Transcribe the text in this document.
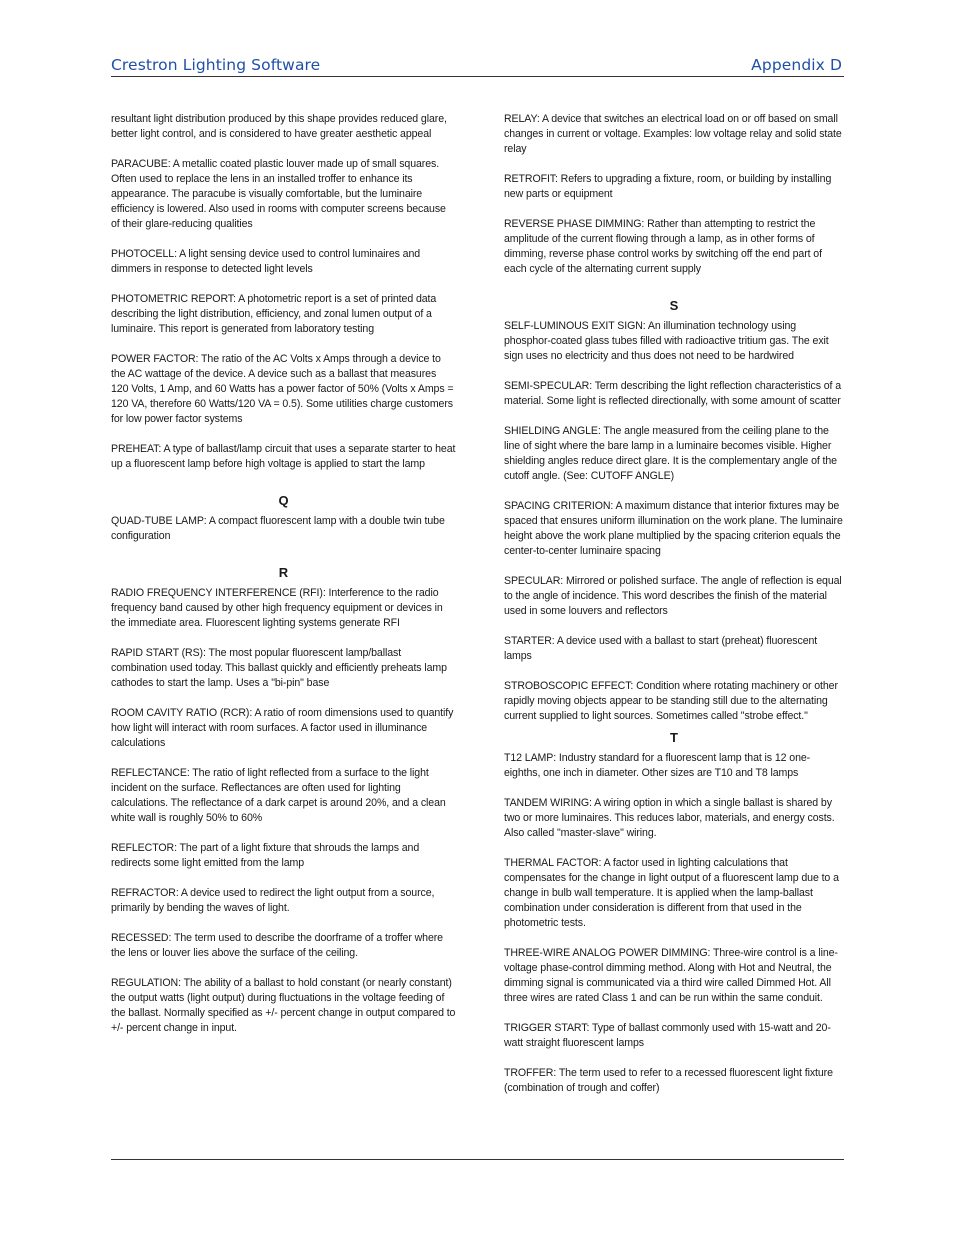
Crestron Lighting Software	Appendix D

resultant light distribution produced by this shape provides reduced glare, better light control, and is considered to have greater aesthetic appeal

PARACUBE: A metallic coated plastic louver made up of small squares. Often used to replace the lens in an installed troffer to enhance its appearance. The paracube is visually comfortable, but the luminaire efficiency is lowered. Also used in rooms with computer screens because of their glare-reducing qualities

PHOTOCELL: A light sensing device used to control luminaires and dimmers in response to detected light levels

PHOTOMETRIC REPORT: A photometric report is a set of printed data describing the light distribution, efficiency, and zonal lumen output of a luminaire. This report is generated from laboratory testing

POWER FACTOR: The ratio of the AC Volts x Amps through a device to the AC wattage of the device. A device such as a ballast that measures 120 Volts, 1 Amp, and 60 Watts has a power factor of 50% (Volts x Amps = 120 VA, therefore 60 Watts/120 VA = 0.5). Some utilities charge customers for low power factor systems

PREHEAT: A type of ballast/lamp circuit that uses a separate starter to heat up a fluorescent lamp before high voltage is applied to start the lamp

Q

QUAD-TUBE LAMP: A compact fluorescent lamp with a double twin tube configuration

R

RADIO FREQUENCY INTERFERENCE (RFI): Interference to the radio frequency band caused by other high frequency equipment or devices in the immediate area. Fluorescent lighting systems generate RFI

RAPID START (RS): The most popular fluorescent lamp/ballast combination used today. This ballast quickly and efficiently preheats lamp cathodes to start the lamp. Uses a "bi-pin" base

ROOM CAVITY RATIO (RCR): A ratio of room dimensions used to quantify how light will interact with room surfaces. A factor used in illuminance calculations

REFLECTANCE: The ratio of light reflected from a surface to the light incident on the surface. Reflectances are often used for lighting calculations. The reflectance of a dark carpet is around 20%, and a clean white wall is roughly 50% to 60%

REFLECTOR: The part of a light fixture that shrouds the lamps and redirects some light emitted from the lamp

REFRACTOR: A device used to redirect the light output from a source, primarily by bending the waves of light.

RECESSED: The term used to describe the doorframe of a troffer where the lens or louver lies above the surface of the ceiling.

REGULATION: The ability of a ballast to hold constant (or nearly constant) the output watts (light output) during fluctuations in the voltage feeding of the ballast. Normally specified as +/- percent change in output compared to +/- percent change in input.

RELAY: A device that switches an electrical load on or off based on small changes in current or voltage. Examples: low voltage relay and solid state relay

RETROFIT: Refers to upgrading a fixture, room, or building by installing new parts or equipment

REVERSE PHASE DIMMING: Rather than attempting to restrict the amplitude of the current flowing through a lamp, as in other forms of dimming, reverse phase control works by switching off the end part of each cycle of the alternating current supply

S

SELF-LUMINOUS EXIT SIGN: An illumination technology using phosphor-coated glass tubes filled with radioactive tritium gas. The exit sign uses no electricity and thus does not need to be hardwired

SEMI-SPECULAR: Term describing the light reflection characteristics of a material. Some light is reflected directionally, with some amount of scatter

SHIELDING ANGLE: The angle measured from the ceiling plane to the line of sight where the bare lamp in a luminaire becomes visible. Higher shielding angles reduce direct glare. It is the complementary angle of the cutoff angle. (See: CUTOFF ANGLE)

SPACING CRITERION: A maximum distance that interior fixtures may be spaced that ensures uniform illumination on the work plane. The luminaire height above the work plane multiplied by the spacing criterion equals the center-to-center luminaire spacing

SPECULAR: Mirrored or polished surface. The angle of reflection is equal to the angle of incidence. This word describes the finish of the material used in some louvers and reflectors

STARTER: A device used with a ballast to start (preheat) fluorescent lamps

STROBOSCOPIC EFFECT: Condition where rotating machinery or other rapidly moving objects appear to be standing still due to the alternating current supplied to light sources. Sometimes called "strobe effect."

T

T12 LAMP: Industry standard for a fluorescent lamp that is 12 one-eighths, one inch in diameter. Other sizes are T10 and T8 lamps

TANDEM WIRING: A wiring option in which a single ballast is shared by two or more luminaires. This reduces labor, materials, and energy costs. Also called "master-slave" wiring.

THERMAL FACTOR: A factor used in lighting calculations that compensates for the change in light output of a fluorescent lamp due to a change in bulb wall temperature. It is applied when the lamp-ballast combination under consideration is different from that used in the photometric tests.

THREE-WIRE ANALOG POWER DIMMING: Three-wire control is a line-voltage phase-control dimming method. Along with Hot and Neutral, the dimming signal is communicated via a third wire called Dimmed Hot. All three wires are rated Class 1 and can be run within the same conduit.

TRIGGER START: Type of ballast commonly used with 15-watt and 20-watt straight fluorescent lamps

TROFFER: The term used to refer to a recessed fluorescent light fixture (combination of trough and coffer)
